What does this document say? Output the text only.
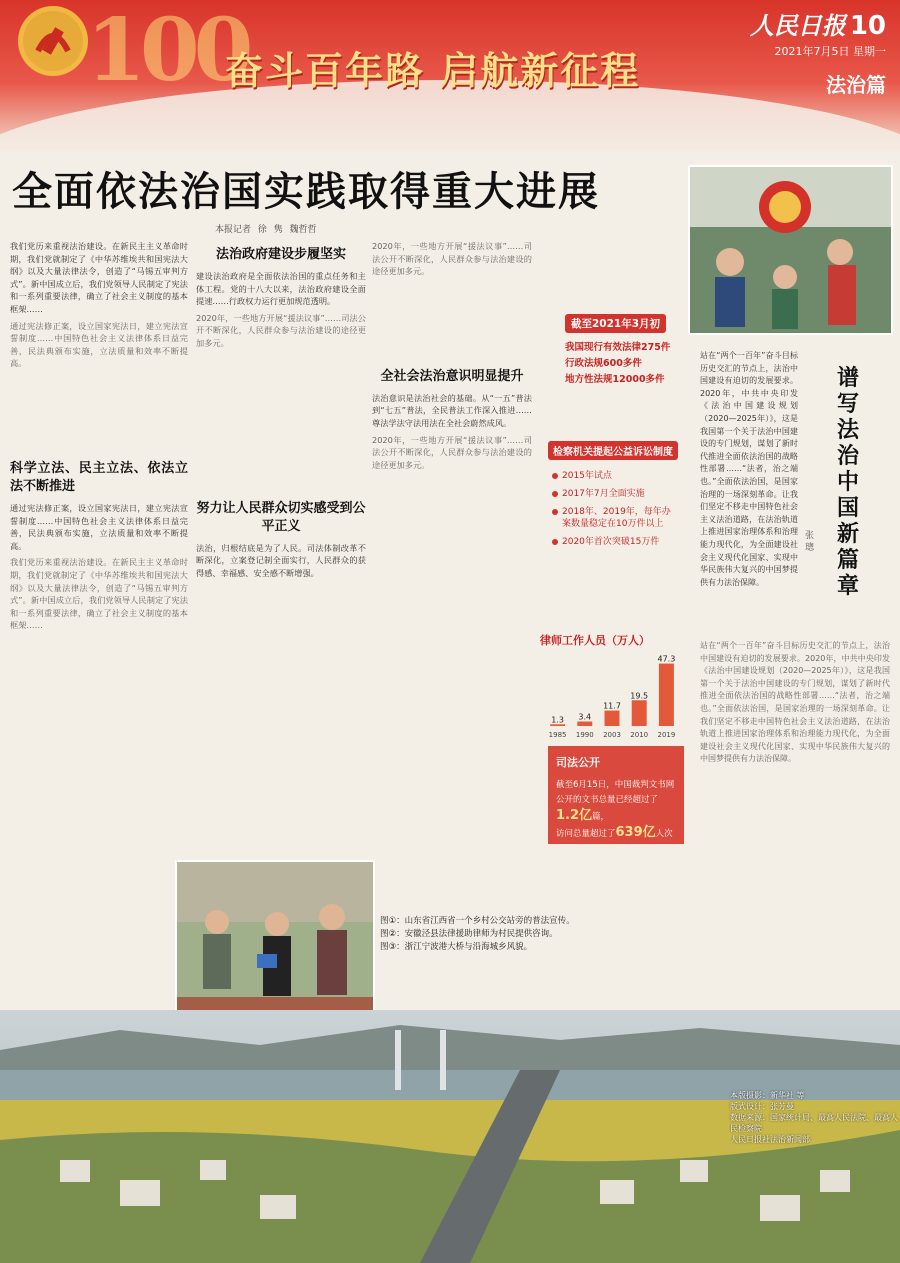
100
奋斗百年路 启航新征程
人民日报 10
2021年7月5日 星期一
法治篇
全面依法治国实践取得重大进展
本报记者 徐 隽 魏哲哲

我们党历来重视法治建设。在新民主主义革命时期，我们党就制定了《中华苏维埃共和国宪法大纲》以及大量法律法令，创造了“马锡五审判方式”。新中国成立后，我们党领导人民制定了宪法和一系列重要法律，确立了社会主义制度的基本框架……

通过宪法修正案，设立国家宪法日，建立宪法宣誓制度……中国特色社会主义法律体系日益完善，民法典颁布实施，立法质量和效率不断提高。

科学立法、民主立法、依法立法不断推进

通过宪法修正案，设立国家宪法日，建立宪法宣誓制度……中国特色社会主义法律体系日益完善，民法典颁布实施，立法质量和效率不断提高。

我们党历来重视法治建设。在新民主主义革命时期，我们党就制定了《中华苏维埃共和国宪法大纲》以及大量法律法令，创造了“马锡五审判方式”。新中国成立后，我们党领导人民制定了宪法和一系列重要法律，确立了社会主义制度的基本框架……

法治政府建设步履坚实

建设法治政府是全面依法治国的重点任务和主体工程。党的十八大以来，法治政府建设全面提速……行政权力运行更加规范透明。

2020年，一些地方开展“援法议事”……司法公开不断深化，人民群众参与法治建设的途径更加多元。

努力让人民群众切实感受到公平正义

法治，归根结底是为了人民。司法体制改革不断深化，立案登记制全面实行，人民群众的获得感、幸福感、安全感不断增强。

2020年，一些地方开展“援法议事”……司法公开不断深化，人民群众参与法治建设的途径更加多元。

全社会法治意识明显提升

法治意识是法治社会的基础。从“一五”普法到“七五”普法，全民普法工作深入推进……尊法学法守法用法在全社会蔚然成风。

2020年，一些地方开展“援法议事”……司法公开不断深化，人民群众参与法治建设的途径更加多元。

截至2021年3月初
我国现行有效法律275件
行政法规600多件
地方性法规12000多件
检察机关提起公益诉讼制度
2015年试点
2017年7月全面实施
2018年、2019年，每年办案数量稳定在10万件以上
2020年首次突破15万件
律师工作人员（万人）
1.3
1985
3.4
1990
11.7
2003
19.5
2010
47.3
2019
司法公开
截至6月15日，中国裁判文书网
公开的文书总量已经超过了1.2亿篇，
访问总量超过了639亿人次
图①：山东省江西省一个乡村公交站旁的普法宣传。
图②：安徽泾县法律援助律师为村民提供咨询。
图③：浙江宁波港大桥与沿海城乡风貌。
谱写法治中国新篇章
张璁

站在“两个一百年”奋斗目标历史交汇的节点上，法治中国建设有迫切的发展要求。2020年，中共中央印发《法治中国建设规划（2020—2025年）》，这是我国第一个关于法治中国建设的专门规划，谋划了新时代推进全面依法治国的战略性部署……“法者，治之端也。”全面依法治国，是国家治理的一场深刻革命。让我们坚定不移走中国特色社会主义法治道路，在法治轨道上推进国家治理体系和治理能力现代化，为全面建设社会主义现代化国家、实现中华民族伟大复兴的中国梦提供有力法治保障。

站在“两个一百年”奋斗目标历史交汇的节点上，法治中国建设有迫切的发展要求。2020年，中共中央印发《法治中国建设规划（2020—2025年）》，这是我国第一个关于法治中国建设的专门规划，谋划了新时代推进全面依法治国的战略性部署……“法者，治之端也。”全面依法治国，是国家治理的一场深刻革命。让我们坚定不移走中国特色社会主义法治道路，在法治轨道上推进国家治理体系和治理能力现代化，为全面建设社会主义现代化国家、实现中华民族伟大复兴的中国梦提供有力法治保障。

本版摄影：新华社 等
版式设计：张芳曼
数据来源：国家统计局、最高人民法院、最高人民检察院
人民日报社法治新闻部
